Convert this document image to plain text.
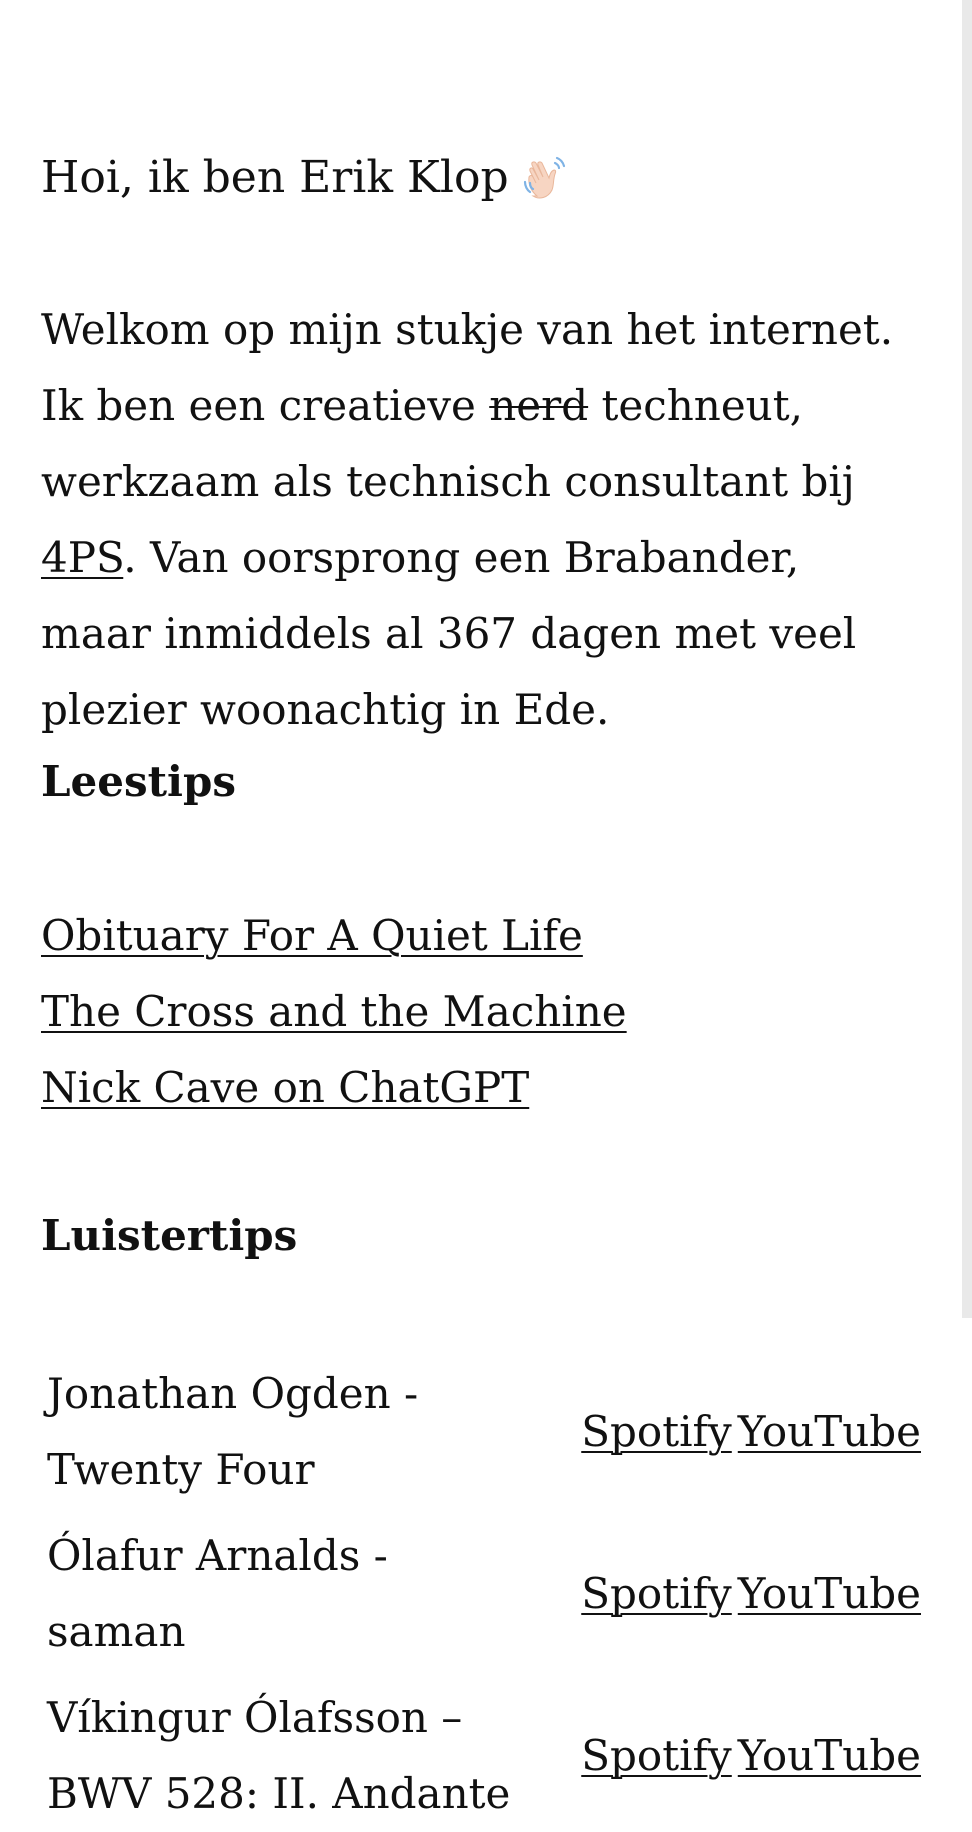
Hoi, ik ben Erik Klop

Welkom op mijn stukje van het internet. Ik ben een creatieve nerd techneut, werkzaam als technisch consultant bij 4PS. Van oorsprong een Brabander, maar inmiddels al 367 dagen met veel plezier woonachtig in Ede.

Leestips
Obituary For A Quiet Life
The Cross and the Machine
Nick Cave on ChatGPT
Luistertips
Jonathan Ogden - Twenty Four	Spotify	YouTube
Ólafur Arnalds - saman	Spotify	YouTube
Víkingur Ólafsson – BWV 528: II. Andante	Spotify	YouTube
